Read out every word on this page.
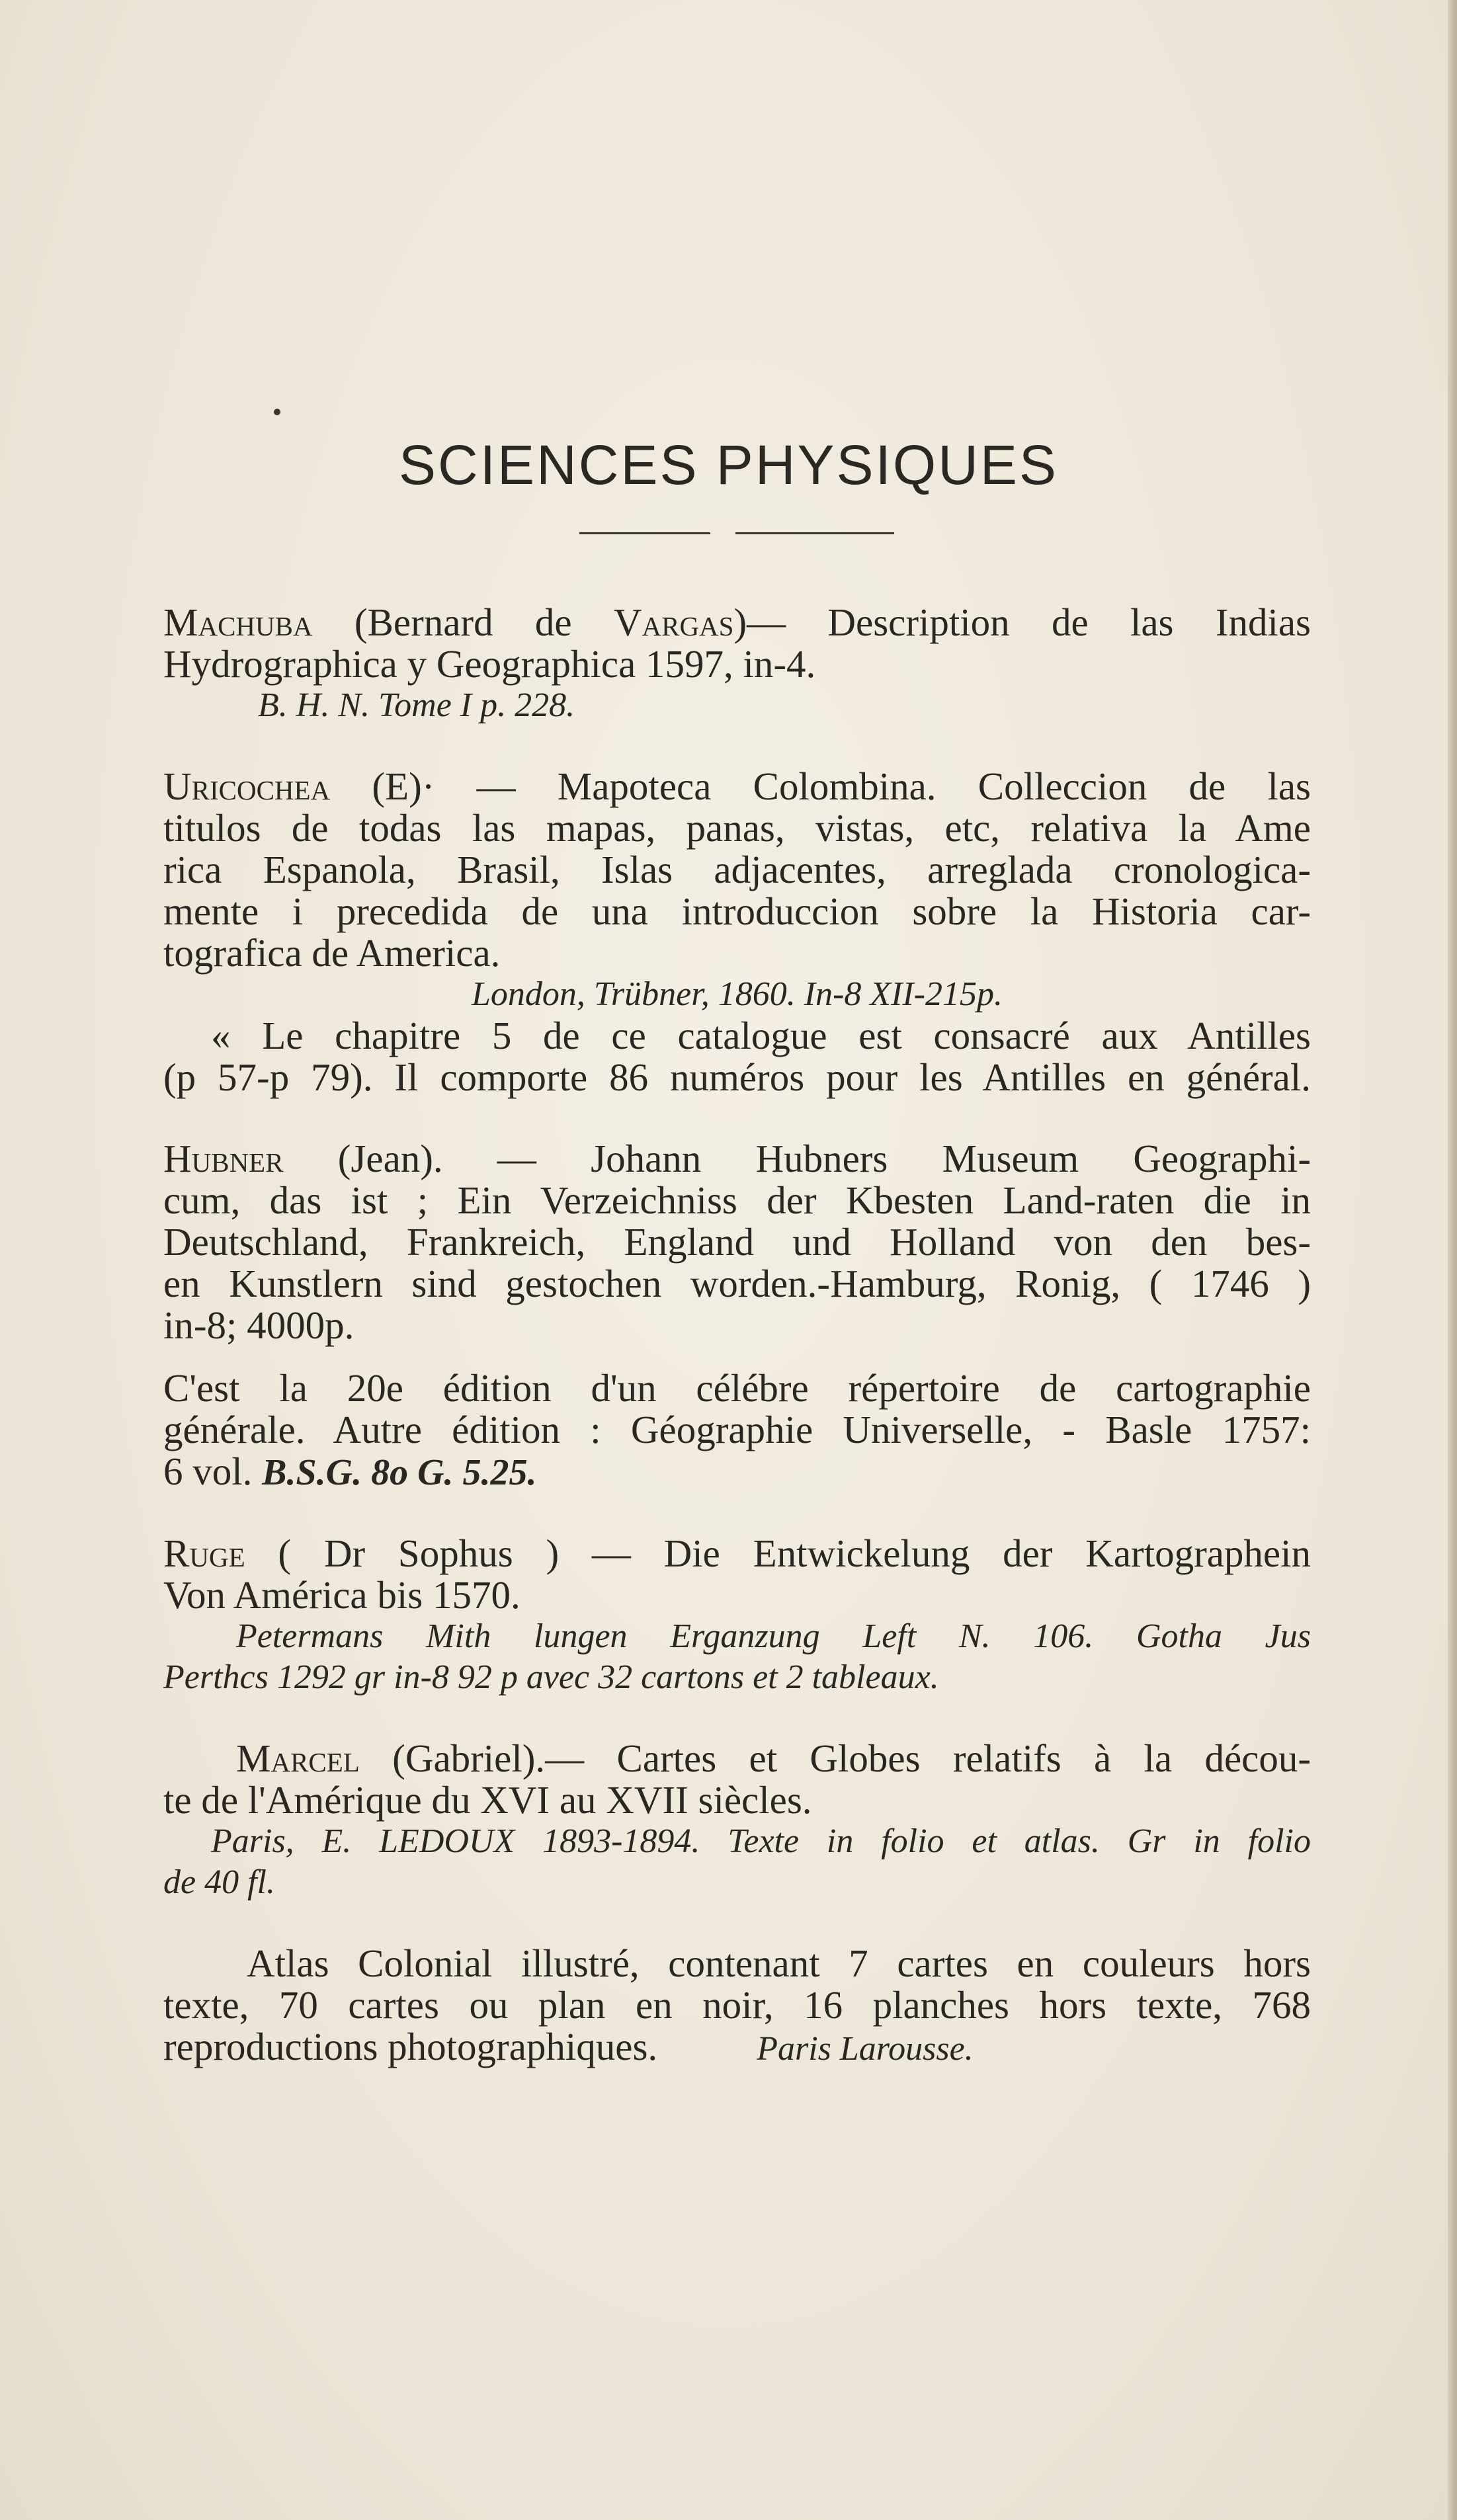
SCIENCES PHYSIQUES

Machuba (Bernard de Vargas)— Description de las Indias

Hydrographica y Geographica 1597, in-4.

B. H. N. Tome I p. 228.

Uricochea (E)· — Mapoteca Colombina. Colleccion de las

titulos de todas las mapas, panas, vistas, etc, relativa la Ame

rica Espanola, Brasil, Islas adjacentes, arreglada cronologica-

mente i precedida de una introduccion sobre la Historia car-

tografica de America.

London, Trübner, 1860. In-8 XII-215p.

« Le chapitre 5 de ce catalogue est consacré aux Antilles

(p 57-p 79). Il comporte 86 numéros pour les Antilles en général.

Hubner (Jean). — Johann Hubners Museum Geographi-

cum, das ist ; Ein Verzeichniss der Kbesten Land-raten die in

Deutschland, Frankreich, England und Holland von den bes-

en Kunstlern sind gestochen worden.-Hamburg, Ronig, ( 1746 )

in-8; 4000p.

C'est la 20e édition d'un célébre répertoire de cartographie

générale. Autre édition : Géographie Universelle, - Basle 1757:

6 vol. B.S.G. 8o G. 5.25.

Ruge ( Dr Sophus ) — Die Entwickelung der Kartographein

Von América bis 1570.

Petermans Mith lungen Erganzung Left N. 106. Gotha Jus

Perthcs 1292 gr in-8 92 p avec 32 cartons et 2 tableaux.

Marcel (Gabriel).— Cartes et Globes relatifs à la décou-

te de l'Amérique du XVI au XVII siècles.

Paris, E. LEDOUX 1893-1894. Texte in folio et atlas. Gr in folio

de 40 fl.

Atlas Colonial illustré, contenant 7 cartes en couleurs hors

texte, 70 cartes ou plan en noir, 16 planches hors texte, 768

reproductions photographiques.	Paris Larousse.
